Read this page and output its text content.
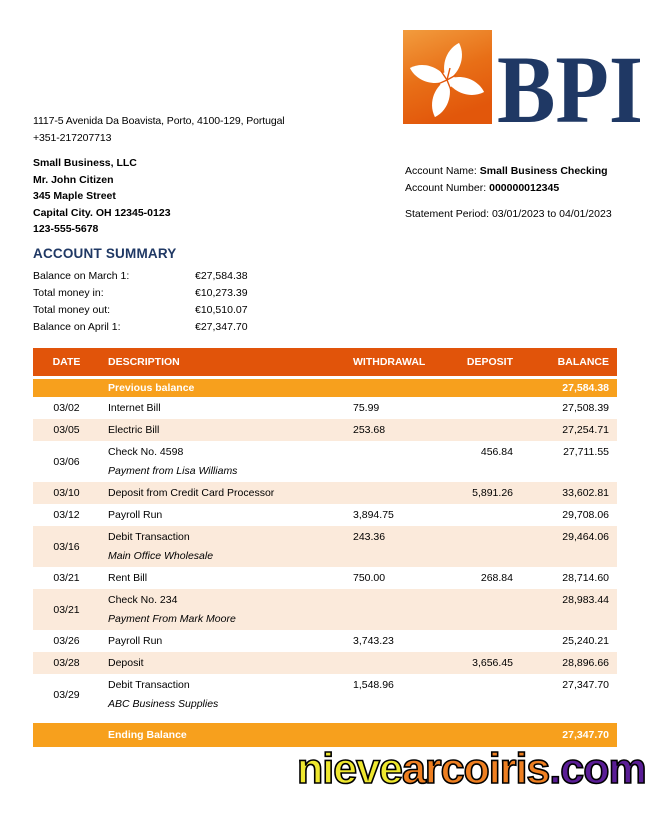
BPI
1117-5 Avenida Da Boavista, Porto, 4100-129, Portugal
+351-217207713
Small Business, LLC
Mr. John Citizen
345 Maple Street
Capital City. OH 12345-0123
123-555-5678
Account Name: Small Business Checking
Account Number: 000000012345
Statement Period: 03/01/2023 to 04/01/2023
ACCOUNT SUMMARY
Balance on March 1:	€27,584.38
Total money in:	€10,273.39
Total money out:	€10,510.07
Balance on April 1:	€27,347.70
DATE	DESCRIPTION	WITHDRAWAL	DEPOSIT	BALANCE
	Previous balance			27,584.38
03/02	Internet Bill	75.99		27,508.39
03/05	Electric Bill	253.68		27,254.71
03/06	Check No. 4598
Payment from Lisa Williams		456.84	27,711.55
03/10	Deposit from Credit Card Processor		5,891.26	33,602.81
03/12	Payroll Run	3,894.75		29,708.06
03/16	Debit Transaction
Main Office Wholesale	243.36		29,464.06
03/21	Rent Bill	750.00	268.84	28,714.60
03/21	Check No. 234
Payment From Mark Moore			28,983.44
03/26	Payroll Run	3,743.23		25,240.21
03/28	Deposit		3,656.45	28,896.66
03/29	Debit Transaction
ABC Business Supplies	1,548.96		27,347.70

	Ending Balance			27,347.70
nievearcoiris.com
